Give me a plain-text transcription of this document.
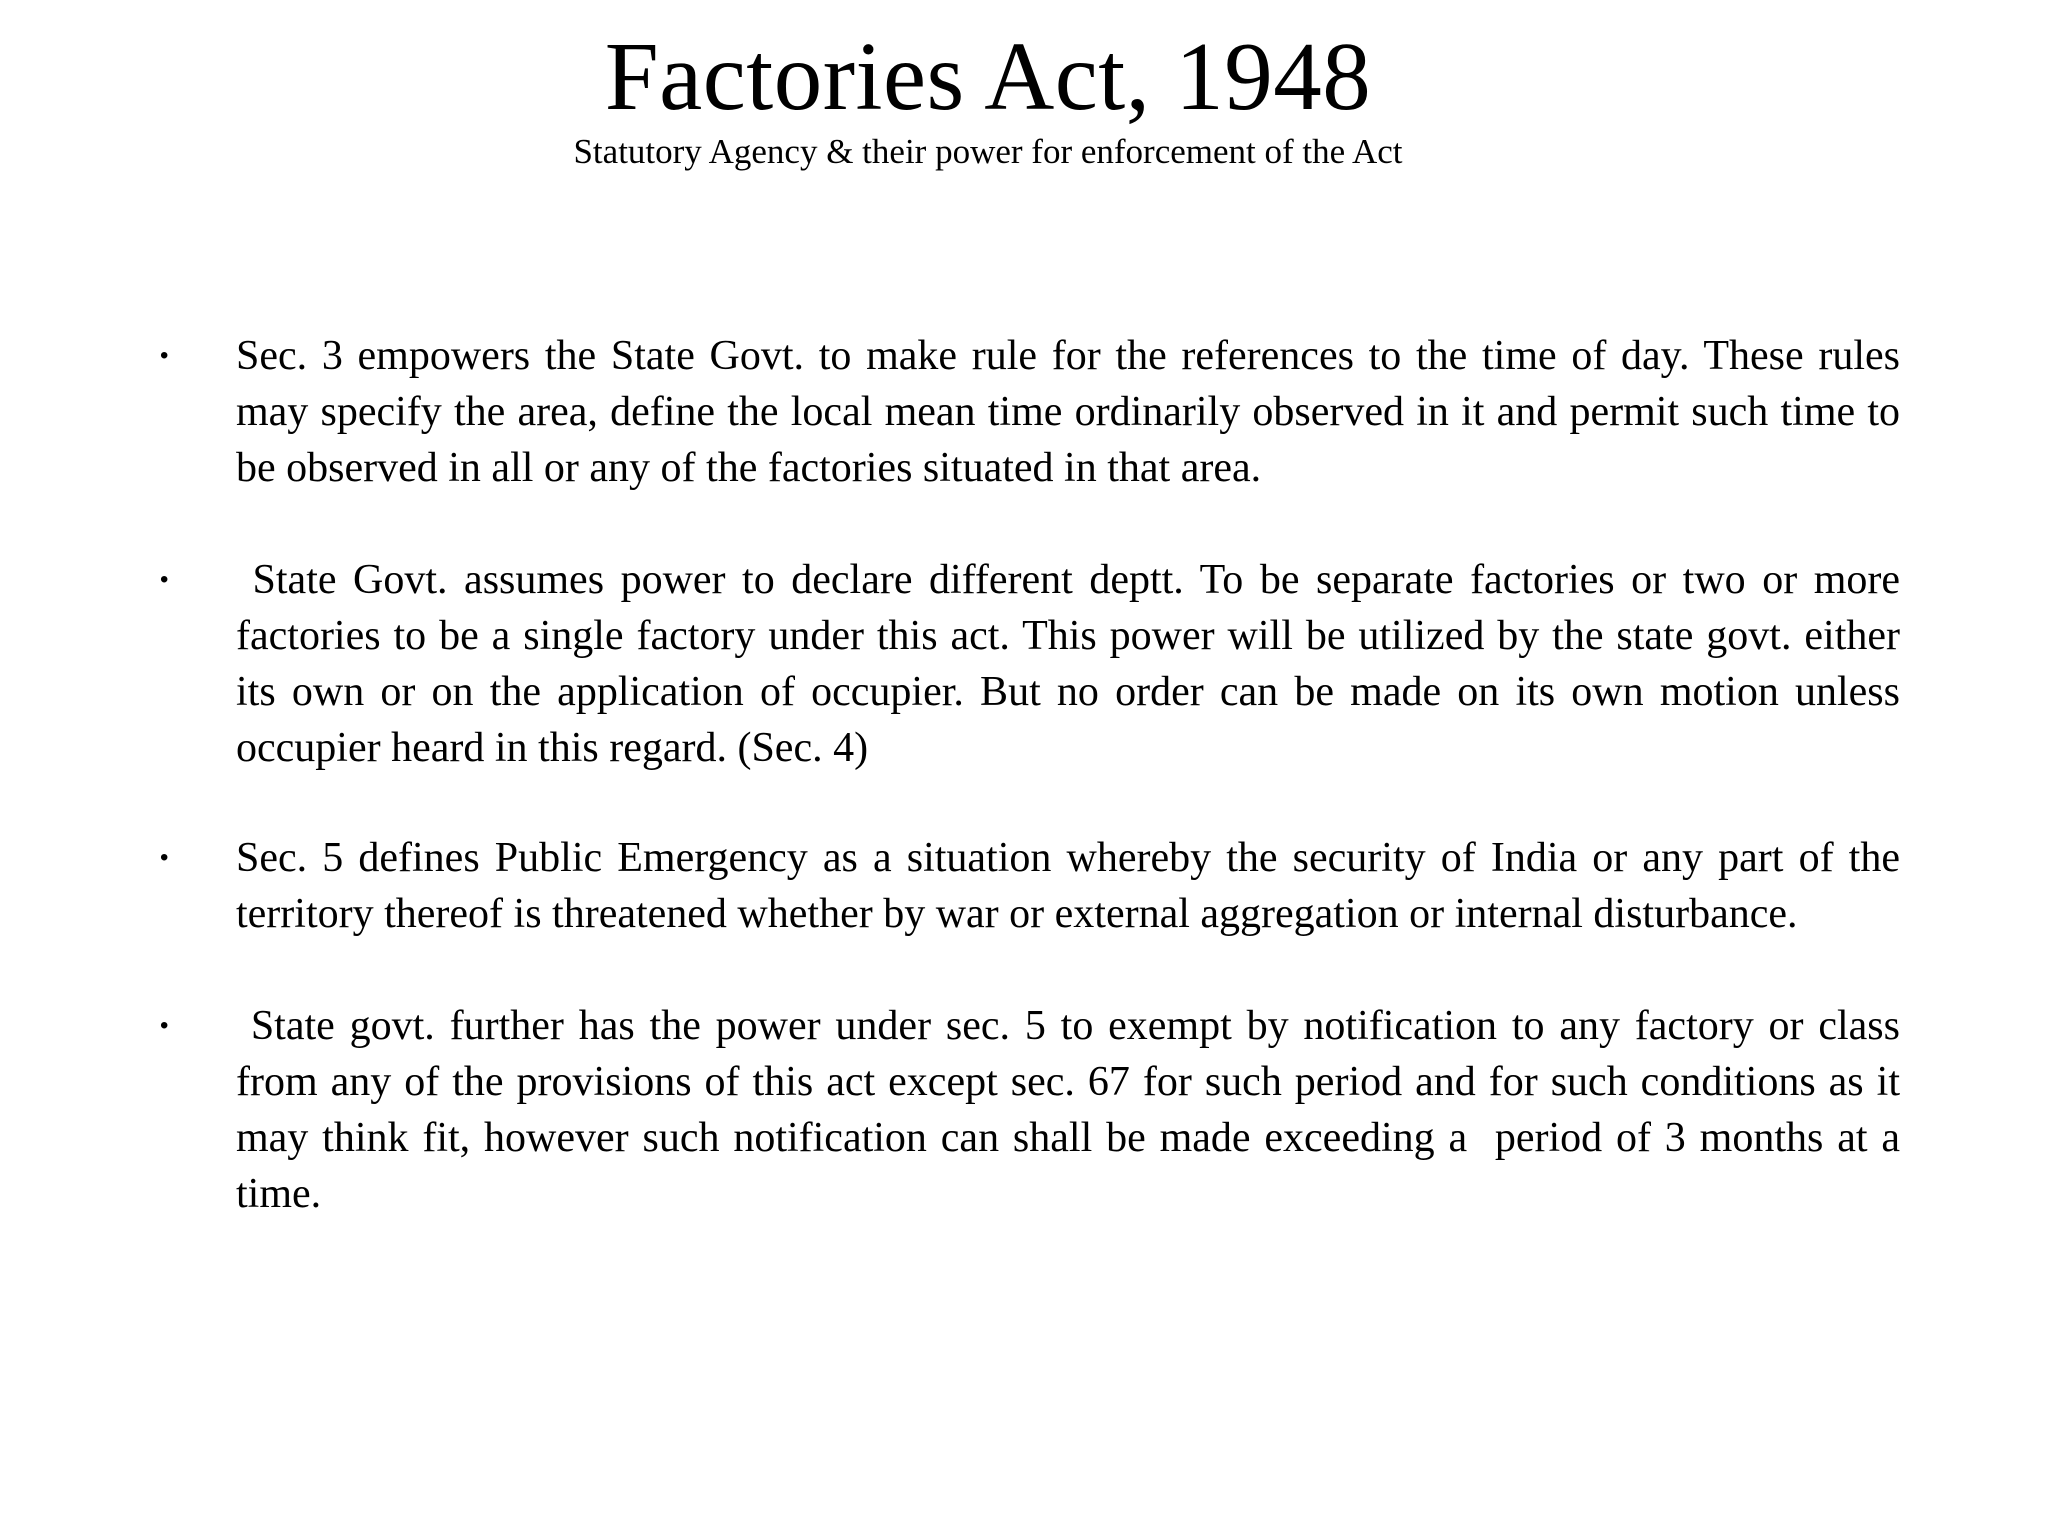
Factories Act, 1948

Statutory Agency & their power for enforcement of the Act

• Sec. 3 empowers the State Govt. to make rule for the references to the time of day. These rules may specify the area, define the local mean time ordinarily observed in it and permit such time to be observed in all or any of the factories situated in that area.
• State Govt. assumes power to declare different deptt. To be separate factories or two or more factories to be a single factory under this act. This power will be utilized by the state govt. either its own or on the application of occupier. But no order can be made on its own motion unless occupier heard in this regard. (Sec. 4)
• Sec. 5 defines Public Emergency as a situation whereby the security of India or any part of the territory thereof is threatened whether by war or external aggregation or internal disturbance.
• State govt. further has the power under sec. 5 to exempt by notification to any factory or class from any of the provisions of this act except sec. 67 for such period and for such conditions as it may think fit, however such notification can shall be made exceeding a  period of 3 months at a time.
